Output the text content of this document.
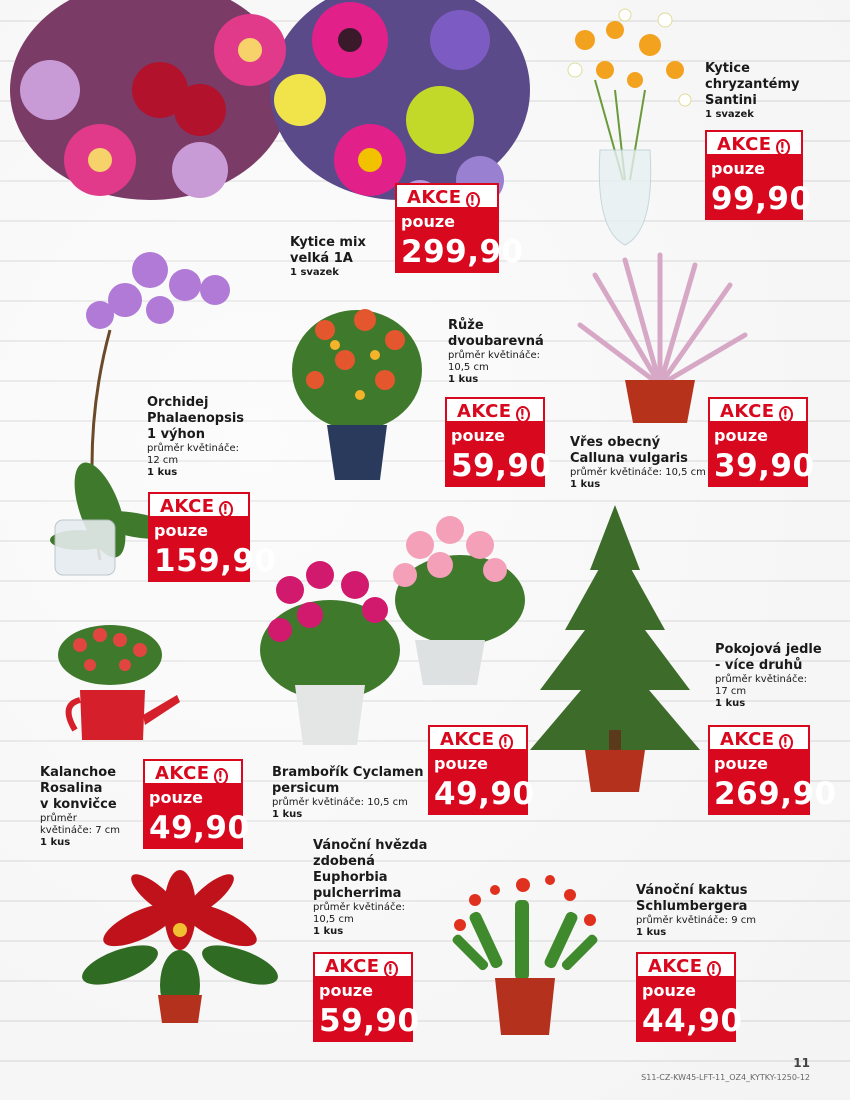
Kytice
chryzantémy
Santini
1 svazek
AKCE !
pouze
99,90
Kytice mix
velká 1A
1 svazek
AKCE !
pouze
299,90
Růže
dvoubarevná
průměr květináče:
10,5 cm
1 kus
AKCE !
pouze
59,90
Vřes obecný
Calluna vulgaris
průměr květináče: 10,5 cm
1 kus
AKCE !
pouze
39,90
Orchidej
Phalaenopsis
1 výhon
průměr květináče:
12 cm
1 kus
AKCE !
pouze
159,90
Kalanchoe
Rosalina
v konvičce
průměr
květináče: 7 cm
1 kus
AKCE !
pouze
49,90
Brambořík Cyclamen
persicum
průměr květináče: 10,5 cm
1 kus
AKCE !
pouze
49,90
Pokojová jedle
- více druhů
průměr květináče:
17 cm
1 kus
AKCE !
pouze
269,90
Vánoční hvězda
zdobená
Euphorbia
pulcherrima
průměr květináče:
10,5 cm
1 kus
AKCE !
pouze
59,90
Vánoční kaktus
Schlumbergera
průměr květináče: 9 cm
1 kus
AKCE !
pouze
44,90
11
S11-CZ-KW45-LFT-11_OZ4_KYTKY-1250-12
